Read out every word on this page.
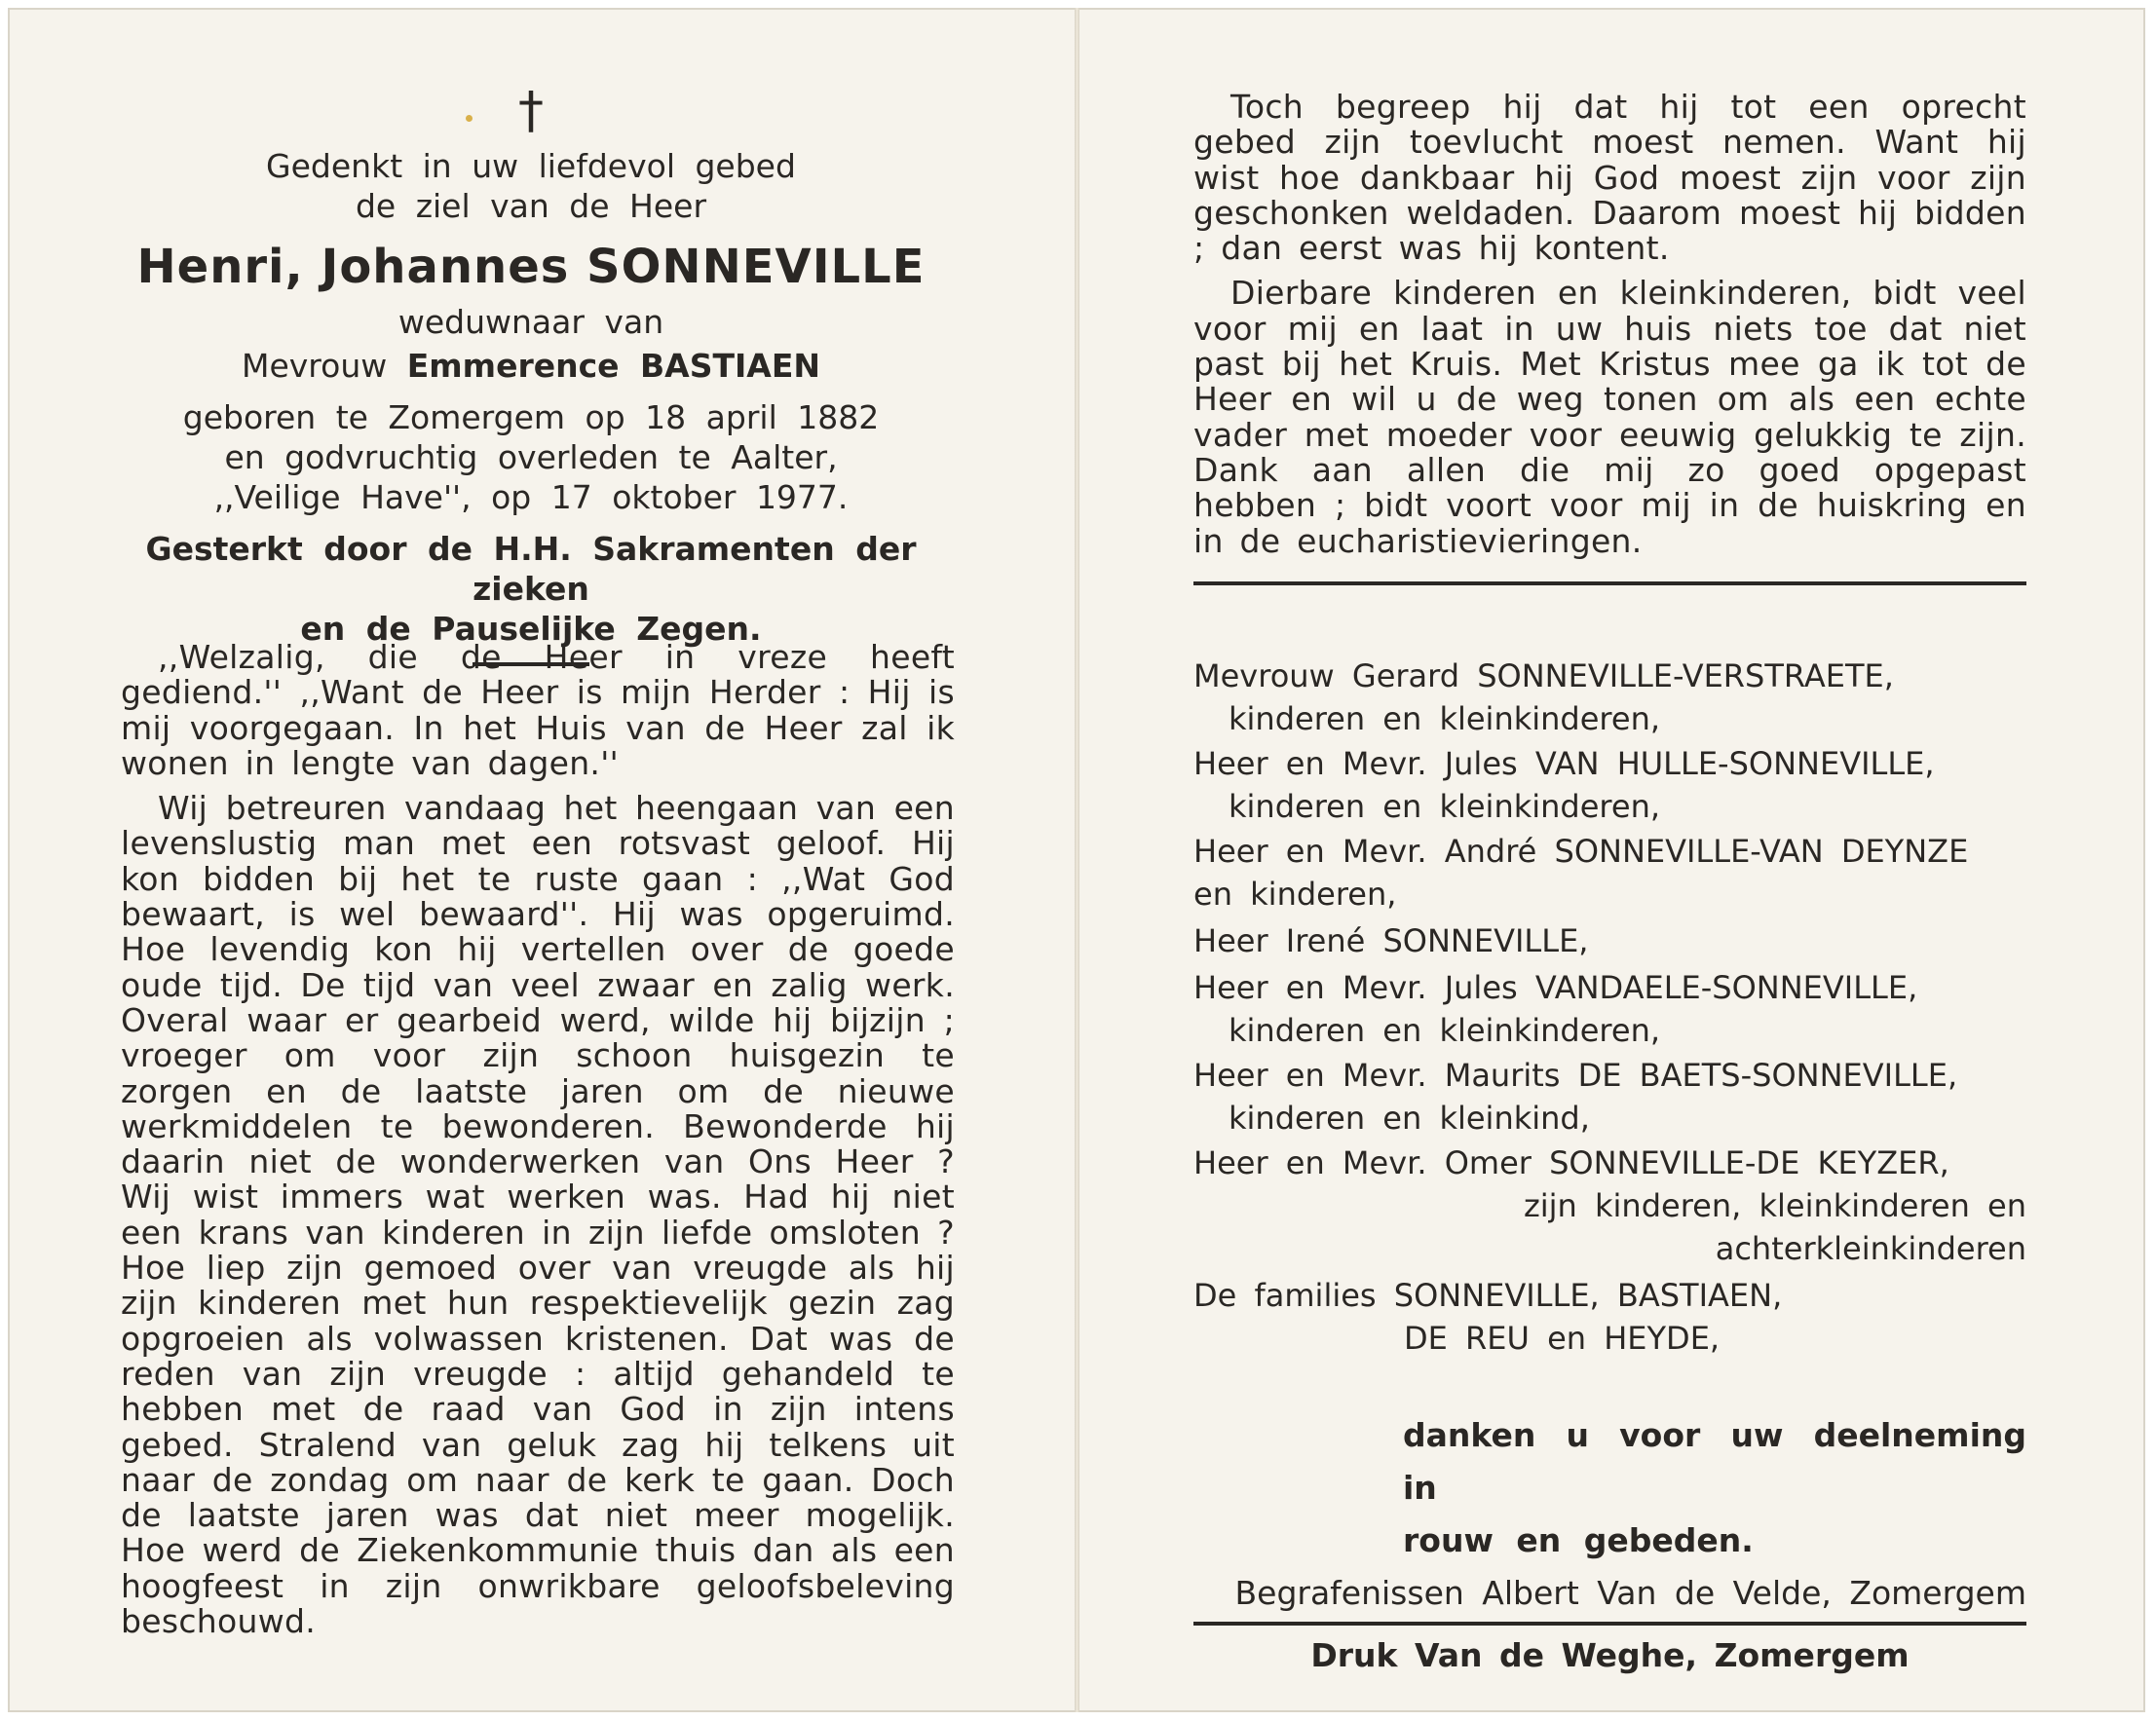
†
Gedenkt in uw liefdevol gebed
de ziel van de Heer
Henri, Johannes SONNEVILLE
weduwnaar van
Mevrouw Emmerence BASTIAEN
geboren te Zomergem op 18 april 1882
en godvruchtig overleden te Aalter,
,,Veilige Have'', op 17 oktober 1977.
Gesterkt door de H.H. Sakramenten der zieken
en de Pauselijke Zegen.

,,Welzalig, die de Heer in vreze heeft gediend.'' ,,Want de Heer is mijn Herder : Hij is mij voorgegaan. In het Huis van de Heer zal ik wonen in lengte van dagen.''

Wij betreuren vandaag het heengaan van een levenslustig man met een rotsvast geloof. Hij kon bidden bij het te ruste gaan : ,,Wat God bewaart, is wel bewaard''. Hij was opgeruimd. Hoe levendig kon hij vertellen over de goede oude tijd. De tijd van veel zwaar en zalig werk. Overal waar er gearbeid werd, wilde hij bijzijn ; vroeger om voor zijn schoon huisgezin te zorgen en de laatste jaren om de nieuwe werkmiddelen te bewonderen. Bewonderde hij daarin niet de wonderwerken van Ons Heer ? Wij wist immers wat werken was. Had hij niet een krans van kinderen in zijn liefde omsloten ? Hoe liep zijn gemoed over van vreugde als hij zijn kinderen met hun respektievelijk gezin zag opgroeien als volwassen kristenen. Dat was de reden van zijn vreugde : altijd gehandeld te hebben met de raad van God in zijn intens gebed. Stralend van geluk zag hij telkens uit naar de zondag om naar de kerk te gaan. Doch de laatste jaren was dat niet meer mogelijk. Hoe werd de Ziekenkommunie thuis dan als een hoogfeest in zijn onwrikbare geloofsbeleving beschouwd.

Toch begreep hij dat hij tot een oprecht gebed zijn toevlucht moest nemen. Want hij wist hoe dankbaar hij God moest zijn voor zijn geschonken weldaden. Daarom moest hij bidden ; dan eerst was hij kontent.

Dierbare kinderen en kleinkinderen, bidt veel voor mij en laat in uw huis niets toe dat niet past bij het Kruis. Met Kristus mee ga ik tot de Heer en wil u de weg tonen om als een echte vader met moeder voor eeuwig gelukkig te zijn. Dank aan allen die mij zo goed opgepast hebben ; bidt voort voor mij in de huiskring en in de eucharistievieringen.

Mevrouw Gerard SONNEVILLE-VERSTRAETE,

kinderen en kleinkinderen,

Heer en Mevr. Jules VAN HULLE-SONNEVILLE,

kinderen en kleinkinderen,

Heer en Mevr. André SONNEVILLE-VAN DEYNZE

en kinderen,

Heer Irené SONNEVILLE,

Heer en Mevr. Jules VANDAELE-SONNEVILLE,

kinderen en kleinkinderen,

Heer en Mevr. Maurits DE BAETS-SONNEVILLE,

kinderen en kleinkind,

Heer en Mevr. Omer SONNEVILLE-DE KEYZER,

zijn kinderen, kleinkinderen en

achterkleinkinderen

De families SONNEVILLE, BASTIAEN,

DE REU en HEYDE,

danken u voor uw deelneming in
rouw en gebeden.
Begrafenissen Albert Van de Velde, Zomergem
Druk Van de Weghe, Zomergem
